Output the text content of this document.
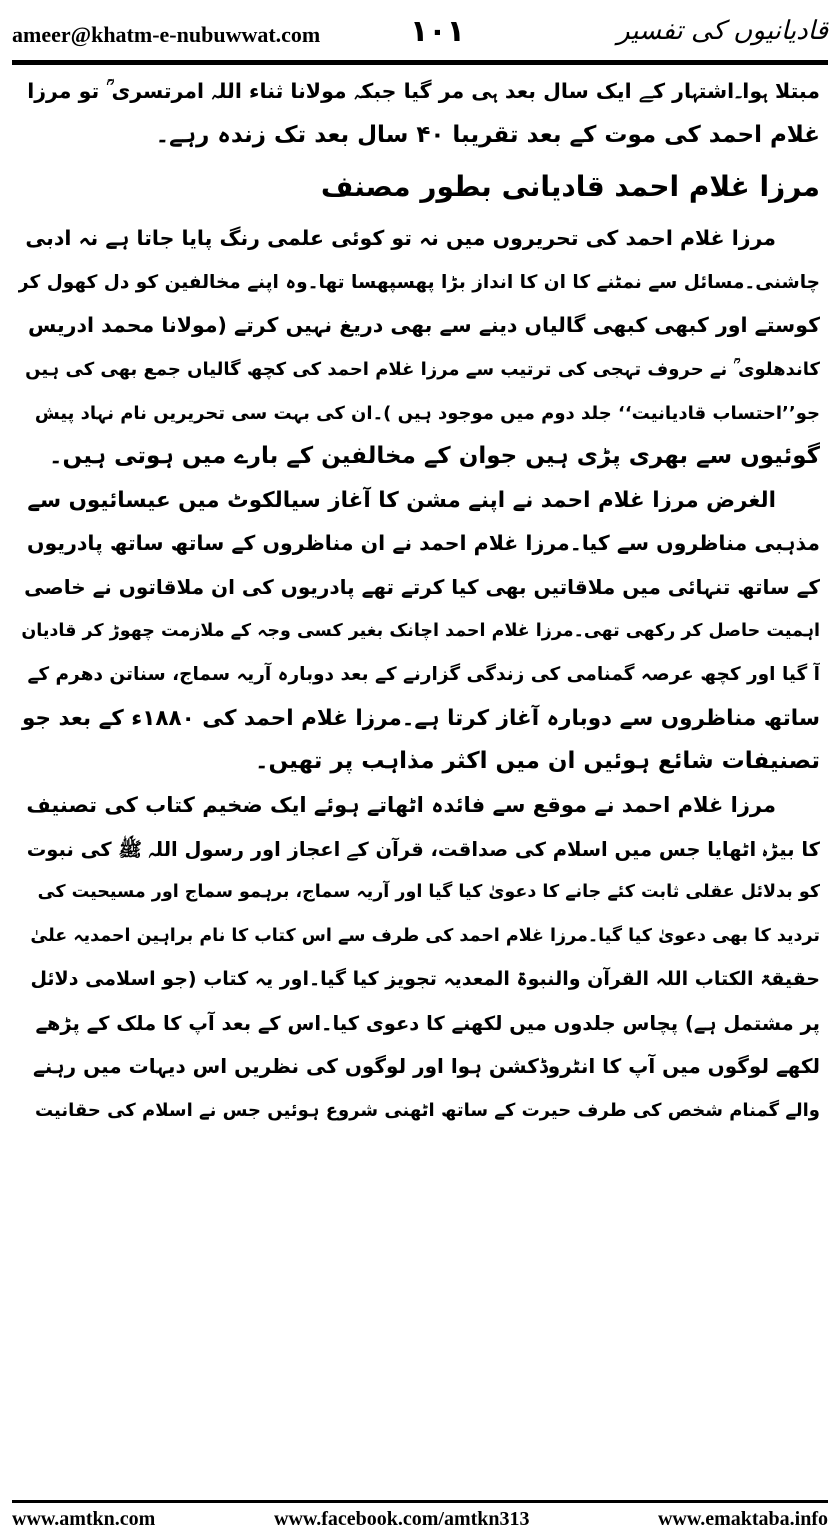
ameer@khatm-e-nubuwwat.com	۱۰۱	قادیانیوں کی تفسیر
مبتلا ہوا۔اشتہار کے ایک سال بعد ہی مر گیا جبکہ مولانا ثناء اللہ امرتسری ؒ تو مرزا
غلام احمد کی موت کے بعد تقریبا ۴۰ سال بعد تک زندہ رہے۔
مرزا غلام احمد قادیانی بطور مصنف
مرزا غلام احمد کی تحریروں میں نہ تو کوئی علمی رنگ پایا جاتا ہے نہ ادبی
چاشنی۔مسائل سے نمٹنے کا ان کا انداز بڑا پھسپھسا تھا۔وہ اپنے مخالفین کو دل کھول کر
کوستے اور کبھی کبھی گالیاں دینے سے بھی دریغ نہیں کرتے (مولانا محمد ادریس
کاندھلوی ؒ نے حروف تہجی کی ترتیب سے مرزا غلام احمد کی کچھ گالیاں جمع بھی کی ہیں
جو’’احتساب قادیانیت‘‘ جلد دوم میں موجود ہیں )۔ان کی بہت سی تحریریں نام نہاد پیش
گوئیوں سے بھری پڑی ہیں جوان کے مخالفین کے بارے میں ہوتی ہیں۔
الغرض مرزا غلام احمد نے اپنے مشن کا آغاز سیالکوٹ میں عیسائیوں سے
مذہبی مناظروں سے کیا۔مرزا غلام احمد نے ان مناظروں کے ساتھ ساتھ پادریوں
کے ساتھ تنہائی میں ملاقاتیں بھی کیا کرتے تھے پادریوں کی ان ملاقاتوں نے خاصی
اہمیت حاصل کر رکھی تھی۔مرزا غلام احمد اچانک بغیر کسی وجہ کے ملازمت چھوڑ کر قادیان
آ گیا اور کچھ عرصہ گمنامی کی زندگی گزارنے کے بعد دوبارہ آریہ سماج، سناتن دھرم کے
ساتھ مناظروں سے دوبارہ آغاز کرتا ہے۔مرزا غلام احمد کی ۱۸۸۰ء کے بعد جو
تصنیفات شائع ہوئیں ان میں اکثر مذاہب پر تھیں۔
مرزا غلام احمد نے موقع سے فائدہ اٹھاتے ہوئے ایک ضخیم کتاب کی تصنیف
کا بیڑہ اٹھایا جس میں اسلام کی صداقت، قرآن کے اعجاز اور رسول اللہ ﷺ کی نبوت
کو بدلائل عقلی ثابت کئے جانے کا دعویٰ کیا گیا اور آریہ سماج، برہمو سماج اور مسیحیت کی
تردید کا بھی دعویٰ کیا گیا۔مرزا غلام احمد کی طرف سے اس کتاب کا نام براہین احمدیہ علیٰ
حقیقۃ الکتاب اللہ القرآن والنبوۃ المعدیہ تجویز کیا گیا۔اور یہ کتاب (جو اسلامی دلائل
پر مشتمل ہے) پچاس جلدوں میں لکھنے کا دعوی کیا۔اس کے بعد آپ کا ملک کے پڑھے
لکھے لوگوں میں آپ کا انٹروڈکشن ہوا اور لوگوں کی نظریں اس دیہات میں رہنے
والے گمنام شخص کی طرف حیرت کے ساتھ اٹھنی شروع ہوئیں جس نے اسلام کی حقانیت
www.amtkn.com	www.facebook.com/amtkn313	www.emaktaba.info
